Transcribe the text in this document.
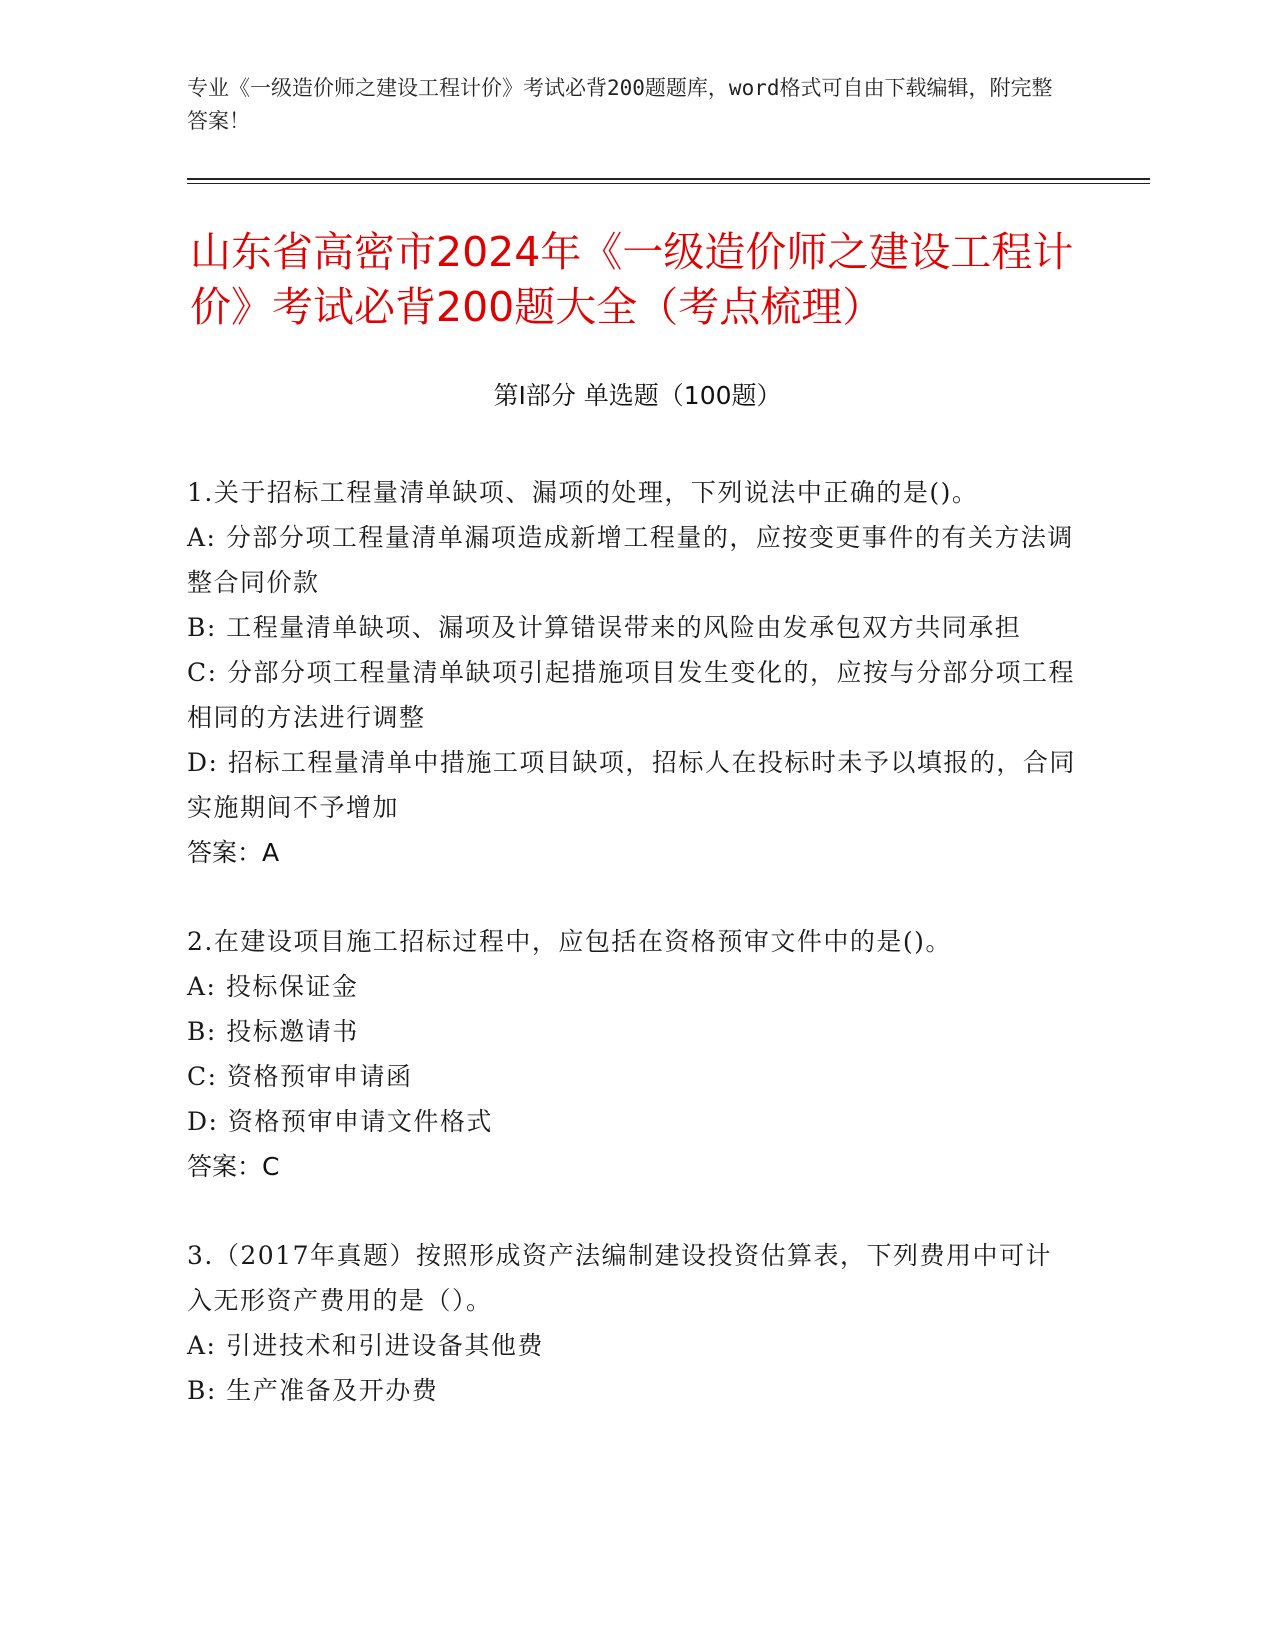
专业《一级造价师之建设工程计价》考试必背200题题库，word格式可自由下载编辑，附完整答案！
山东省高密市2024年《一级造价师之建设工程计价》考试必背200题大全（考点梳理）
第I部分 单选题（100题）
1.关于招标工程量清单缺项、漏项的处理，下列说法中正确的是()。
A: 分部分项工程量清单漏项造成新增工程量的，应按变更事件的有关方法调整合同价款
B: 工程量清单缺项、漏项及计算错误带来的风险由发承包双方共同承担
C: 分部分项工程量清单缺项引起措施项目发生变化的，应按与分部分项工程相同的方法进行调整
D: 招标工程量清单中措施工项目缺项，招标人在投标时未予以填报的，合同实施期间不予增加
答案：A
2.在建设项目施工招标过程中，应包括在资格预审文件中的是()。
A: 投标保证金
B: 投标邀请书
C: 资格预审申请函
D: 资格预审申请文件格式
答案：C
3.（2017年真题）按照形成资产法编制建设投资估算表，下列费用中可计入无形资产费用的是（）。
A: 引进技术和引进设备其他费
B: 生产准备及开办费
